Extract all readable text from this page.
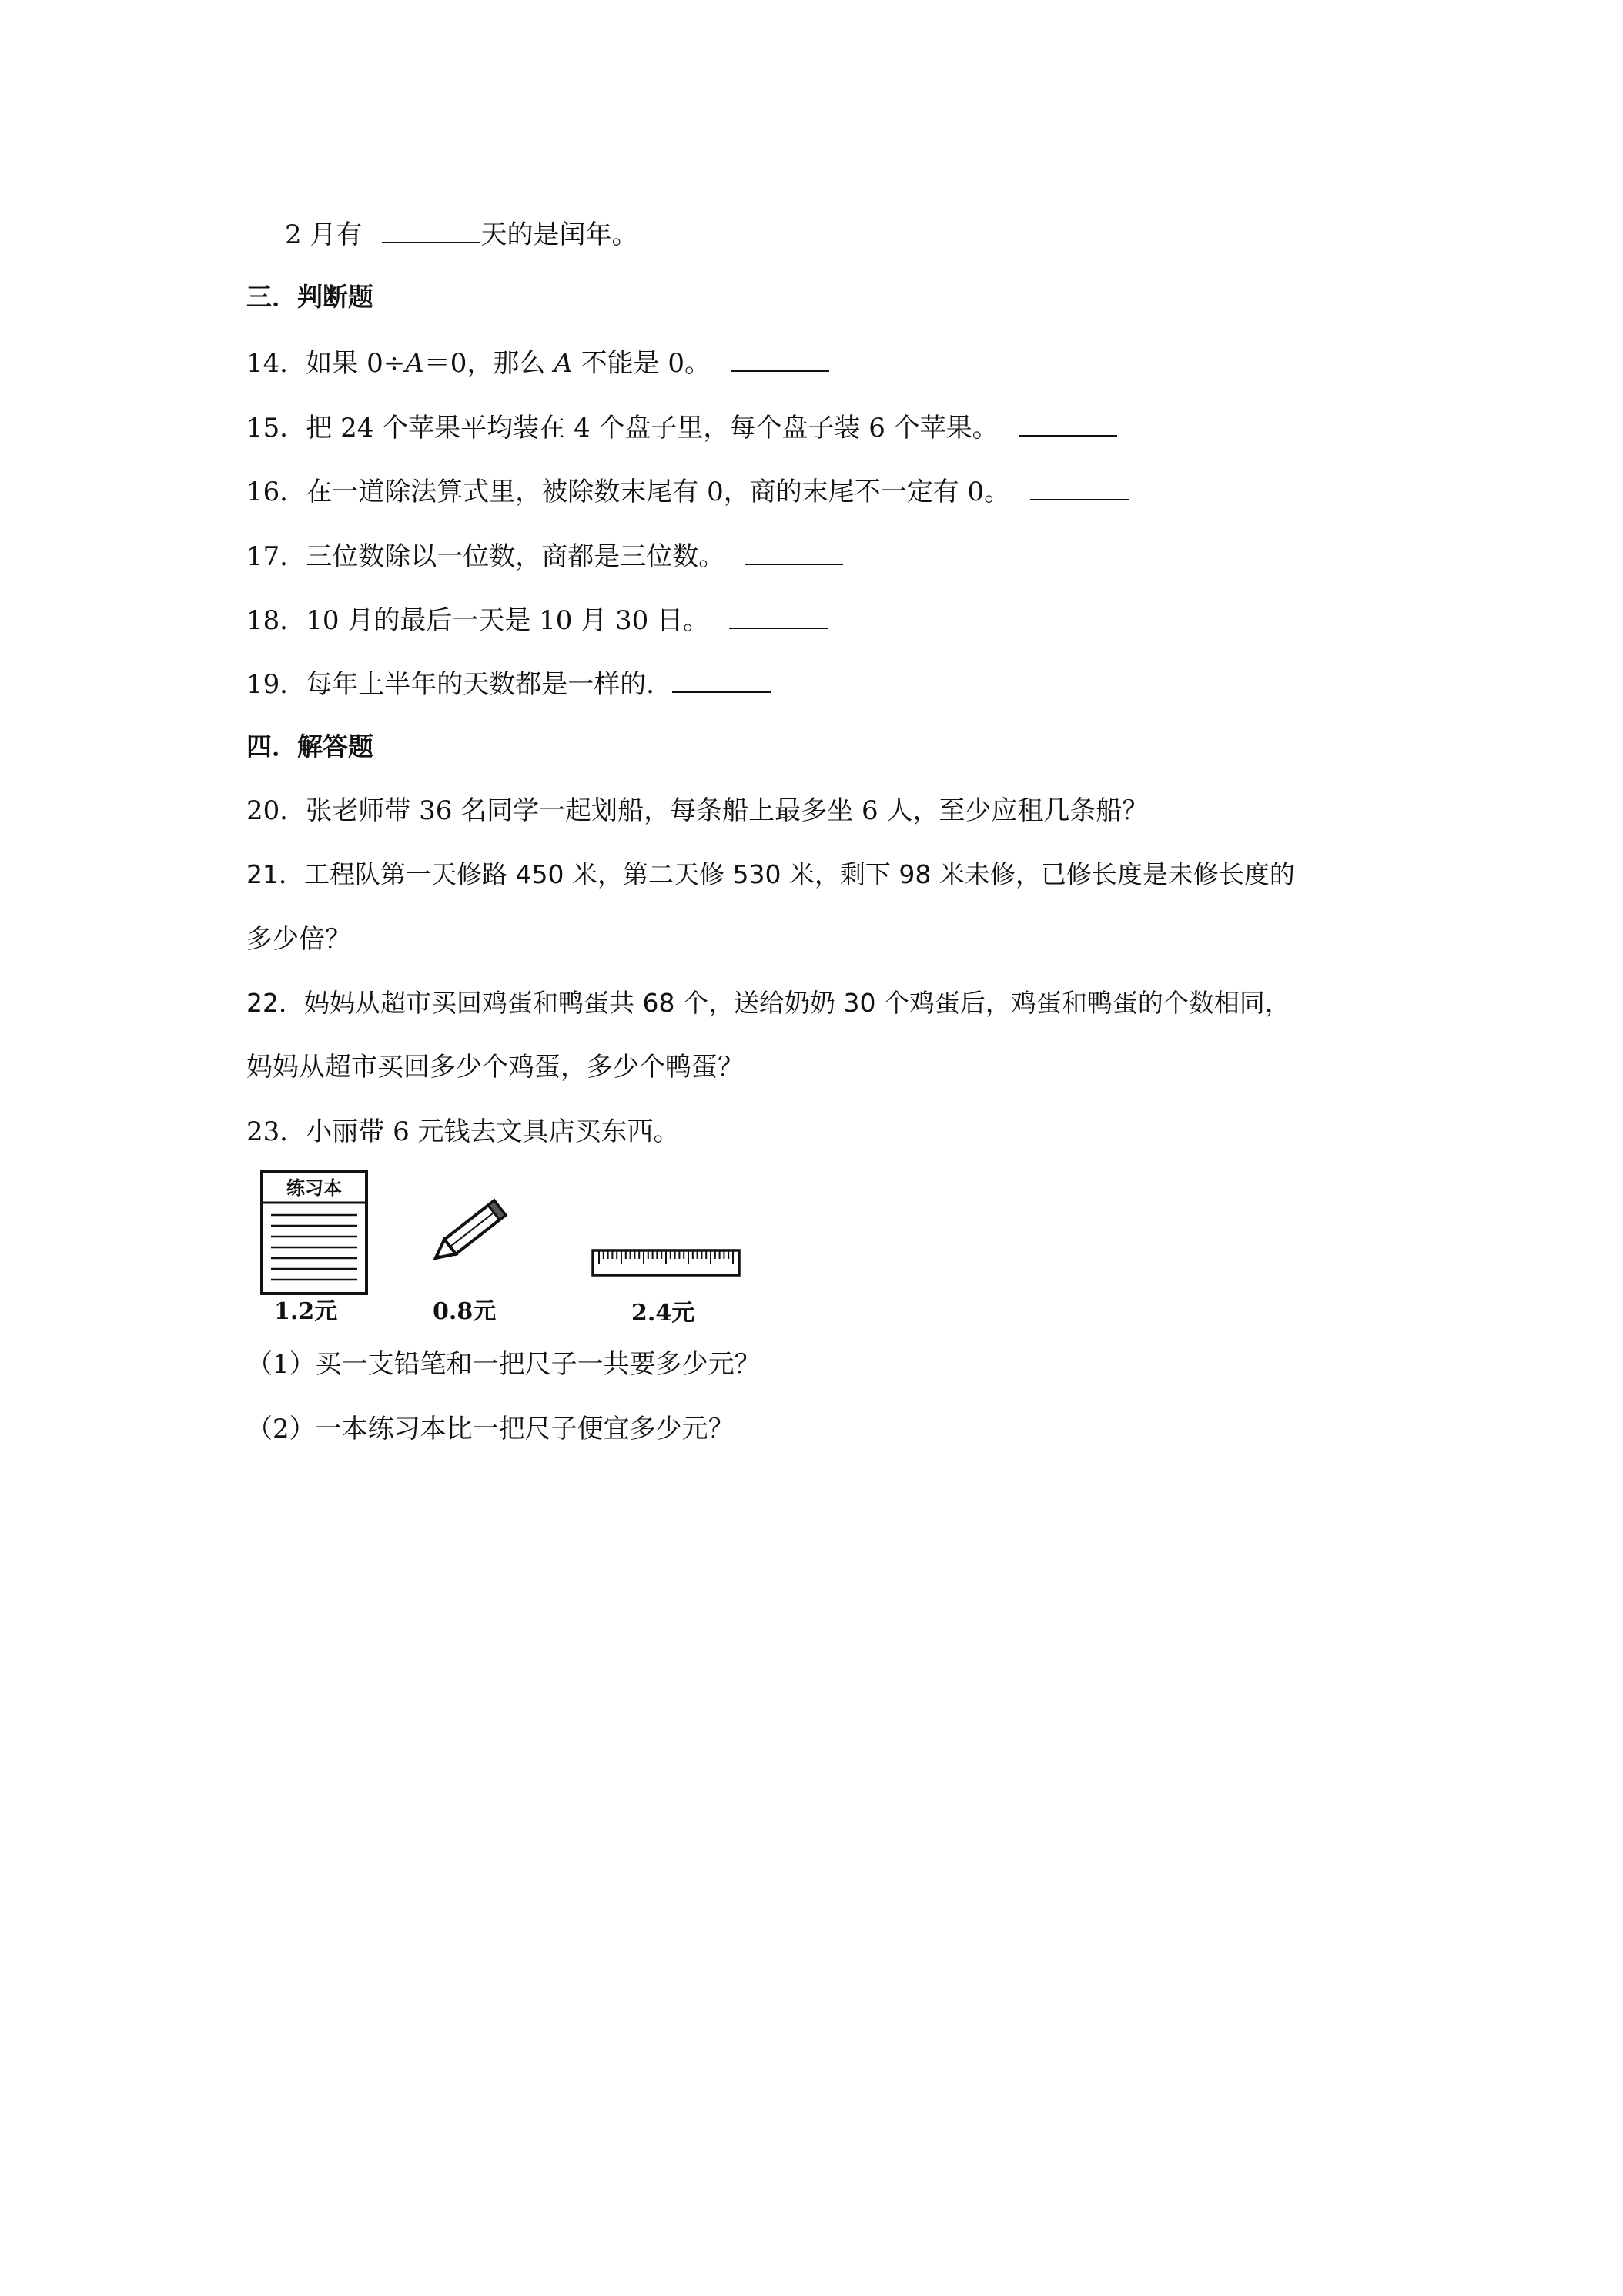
2 月有	天的是闰年。
三．判断题
14．如果 0÷A＝0，那么 A 不能是 0。
15．把 24 个苹果平均装在 4 个盘子里，每个盘子装 6 个苹果。
16．在一道除法算式里，被除数末尾有 0，商的末尾不一定有 0。
17．三位数除以一位数，商都是三位数。
18．10 月的最后一天是 10 月 30 日。
19．每年上半年的天数都是一样的．
四．解答题
20．张老师带 36 名同学一起划船，每条船上最多坐 6 人，至少应租几条船？
21．工程队第一天修路 450 米，第二天修 530 米，剩下 98 米未修，已修长度是未修长度的
多少倍？
22．妈妈从超市买回鸡蛋和鸭蛋共 68 个，送给奶奶 30 个鸡蛋后，鸡蛋和鸭蛋的个数相同，
妈妈从超市买回多少个鸡蛋，多少个鸭蛋？
23．小丽带 6 元钱去文具店买东西。
练习本
1.2元	0.8元	2.4元
（1）买一支铅笔和一把尺子一共要多少元？
（2）一本练习本比一把尺子便宜多少元？
